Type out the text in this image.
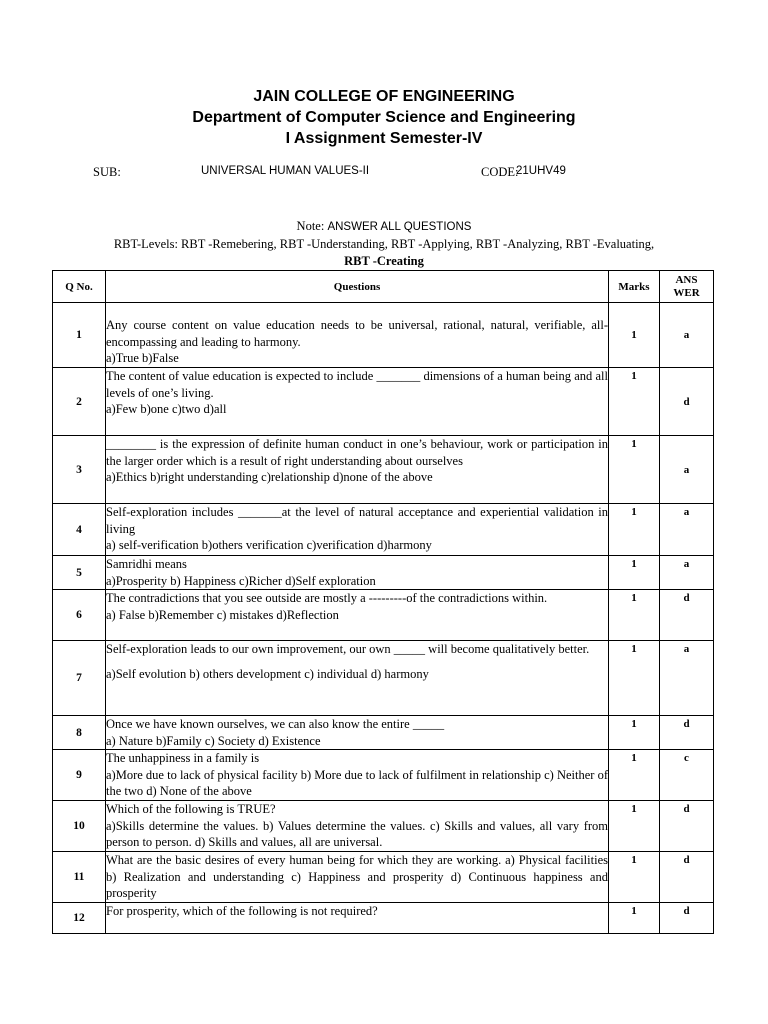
JAIN COLLEGE OF ENGINEERING
Department of Computer Science and Engineering
I Assignment Semester-IV
SUB:	UNIVERSAL HUMAN VALUES-II	CODE:
21UHV49
Note: ANSWER ALL QUESTIONS
RBT-Levels: RBT -Remebering, RBT -Understanding, RBT -Applying, RBT -Analyzing, RBT -Evaluating,
RBT -Creating
Q No.	Questions	Marks	ANS
WER
1	Any course content on value education needs to be universal, rational, natural, verifiable, all- encompassing and leading to harmony.
a)True b)False	1	a
2	The content of value education is expected to include _______ dimensions of a human being and all levels of one’s living.
a)Few b)one c)two d)all	1	d
3	________ is the expression of definite human conduct in one’s behaviour, work or participation in the larger order which is a result of right understanding about ourselves
a)Ethics b)right understanding c)relationship d)none of the above	1	a
4	Self-exploration includes _______at the level of natural acceptance and experiential validation in living
a) self-verification b)others verification c)verification d)harmony	1	a
5	Samridhi means
a)Prosperity b) Happiness c)Richer d)Self exploration	1	a
6	The contradictions that you see outside are mostly a ---------of the contradictions within.
a) False b)Remember c) mistakes d)Reflection	1	d
7	Self-exploration leads to our own improvement, our own _____ will become qualitatively better.
a)Self evolution b) others development c) individual d) harmony	1	a
8	Once we have known ourselves, we can also know the entire _____
a) Nature b)Family c) Society d) Existence	1	d
9	The unhappiness in a family is
a)More due to lack of physical facility b) More due to lack of fulfilment in relationship c) Neither of the two d) None of the above	1	c
10	Which of the following is TRUE?
a)Skills determine the values. b) Values determine the values. c) Skills and values, all vary from person to person. d) Skills and values, all are universal.	1	d
11	What are the basic desires of every human being for which they are working. a) Physical facilities b) Realization and understanding c) Happiness and prosperity d) Continuous happiness and prosperity	1	d
12	For prosperity, which of the following is not required?	1	d
